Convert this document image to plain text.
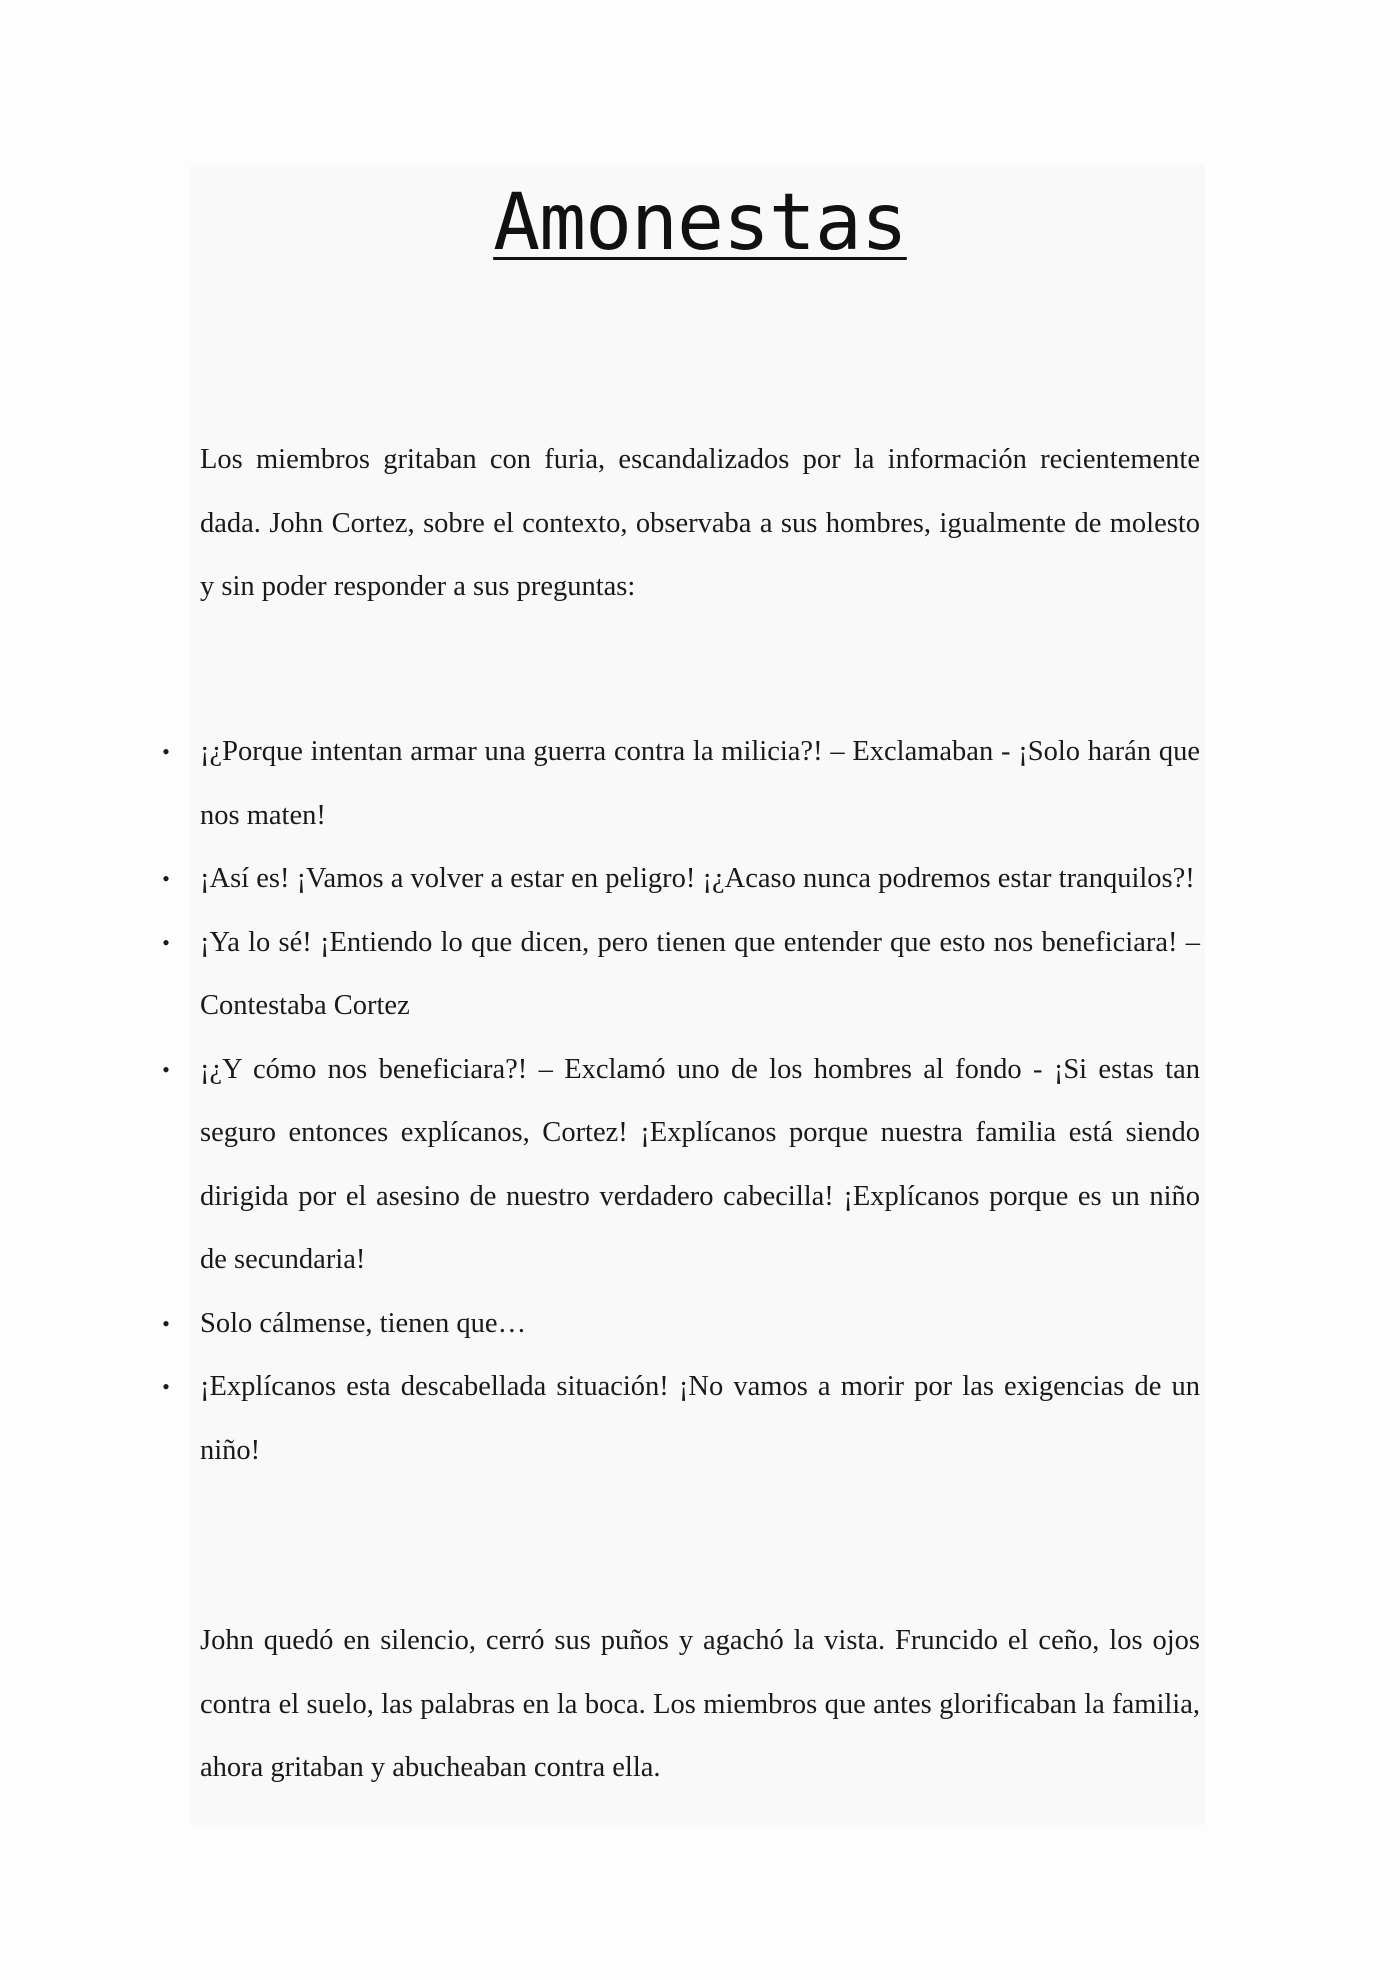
Amonestas

Los miembros gritaban con furia, escandalizados por la información recientemente dada. John Cortez, sobre el contexto, observaba a sus hombres, igualmente de molesto y sin poder responder a sus preguntas:

• ¡¿Porque intentan armar una guerra contra la milicia?! – Exclamaban - ¡Solo harán que nos maten!
• ¡Así es! ¡Vamos a volver a estar en peligro! ¡¿Acaso nunca podremos estar tranquilos?!
• ¡Ya lo sé! ¡Entiendo lo que dicen, pero tienen que entender que esto nos beneficiara! – Contestaba Cortez
• ¡¿Y cómo nos beneficiara?! – Exclamó uno de los hombres al fondo - ¡Si estas tan seguro entonces explícanos, Cortez! ¡Explícanos porque nuestra familia está siendo dirigida por el asesino de nuestro verdadero cabecilla! ¡Explícanos porque es un niño de secundaria!
• Solo cálmense, tienen que…
• ¡Explícanos esta descabellada situación! ¡No vamos a morir por las exigencias de un niño!

John quedó en silencio, cerró sus puños y agachó la vista. Fruncido el ceño, los ojos contra el suelo, las palabras en la boca. Los miembros que antes glorificaban la familia, ahora gritaban y abucheaban contra ella.
